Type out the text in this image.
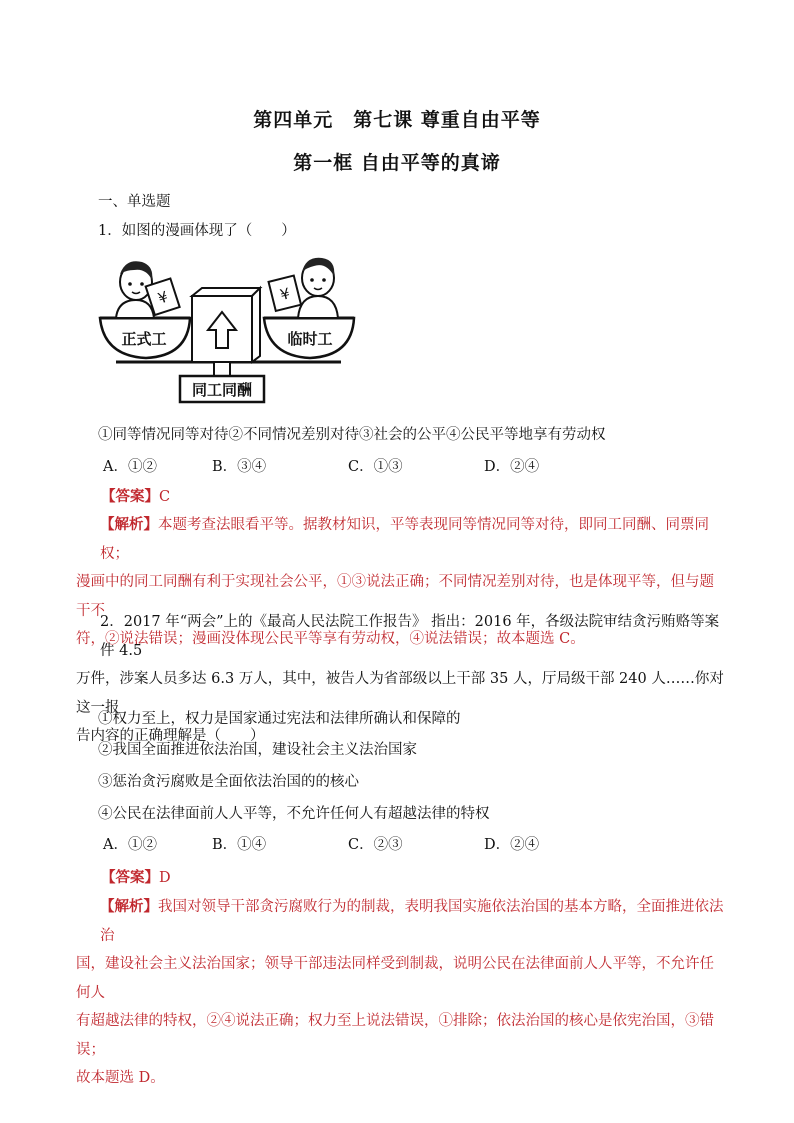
第四单元　第七课 尊重自由平等
第一框 自由平等的真谛
一、单选题
1．如图的漫画体现了（　　）
同工同酬
正式工
¥
临时工
¥
①同等情况同等对待②不同情况差别对待③社会的公平④公民平等地享有劳动权
A．①②	B．③④	C．①③	D．②④
【答案】C
【解析】本题考查法眼看平等。据教材知识，平等表现同等情况同等对待，即同工同酬、同票同权；
漫画中的同工同酬有利于实现社会公平，①③说法正确；不同情况差别对待，也是体现平等，但与题干不
符，②说法错误；漫画没体现公民平等享有劳动权，④说法错误；故本题选 C。
2．2017 年“两会”上的《最高人民法院工作报告》 指出：2016 年，各级法院审结贪污贿赂等案件 4.5
万件，涉案人员多达 6.3 万人，其中，被告人为省部级以上干部 35 人，厅局级干部 240 人……你对这一报
告内容的正确理解是（　　）
①权力至上，权力是国家通过宪法和法律所确认和保障的
②我国全面推进依法治国，建设社会主义法治国家
③惩治贪污腐败是全面依法治国的的核心
④公民在法律面前人人平等，不允许任何人有超越法律的特权
A．①②	B．①④	C．②③	D．②④
【答案】D
【解析】我国对领导干部贪污腐败行为的制裁，表明我国实施依法治国的基本方略，全面推进依法治
国，建设社会主义法治国家；领导干部违法同样受到制裁，说明公民在法律面前人人平等，不允许任何人
有超越法律的特权，②④说法正确；权力至上说法错误，①排除；依法治国的核心是依宪治国，③错误；
故本题选 D。
